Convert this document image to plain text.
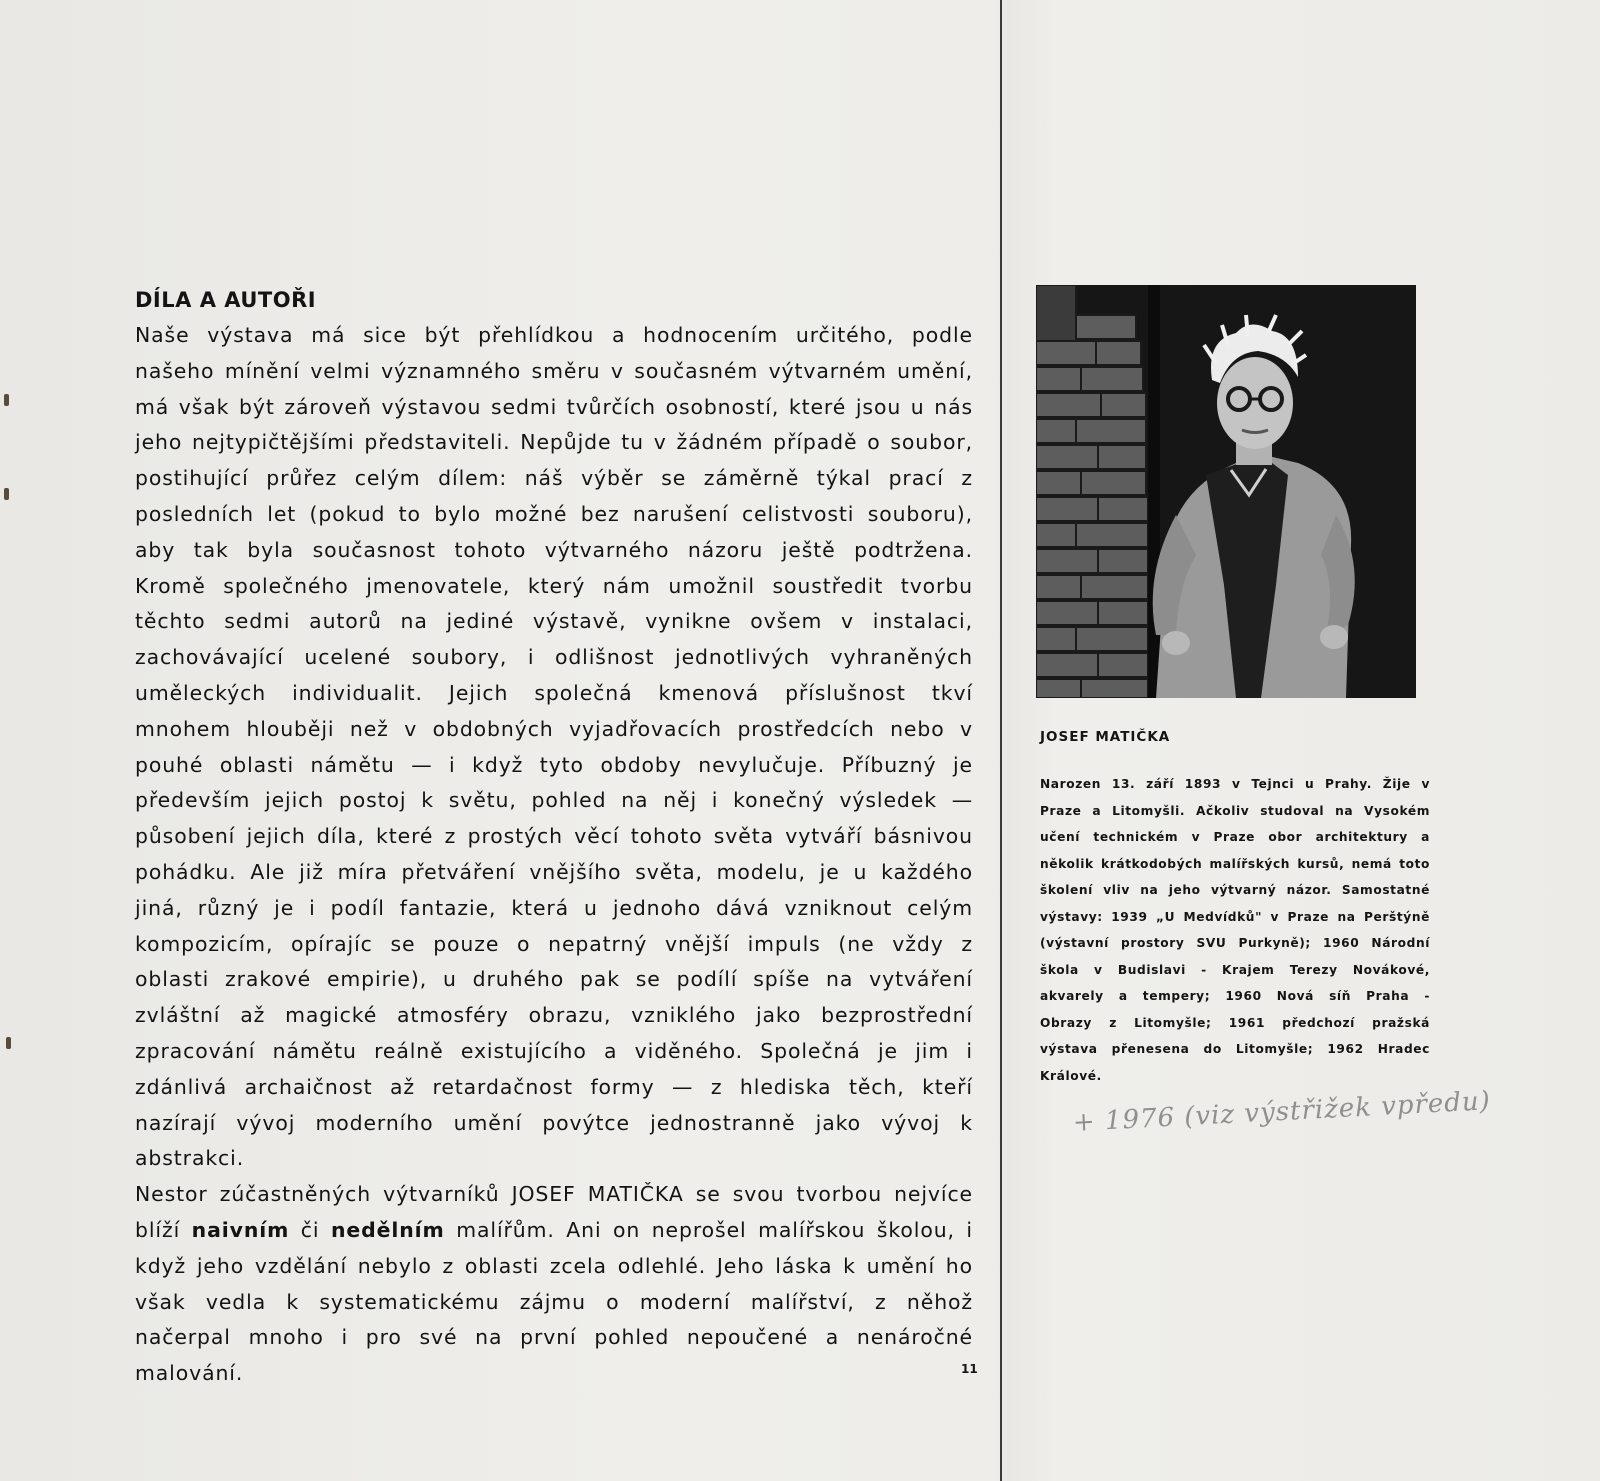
DÍLA A AUTOŘI

Naše výstava má sice být přehlídkou a hodnocením určitého, podle našeho mínění velmi významného směru v současném výtvarném umění, má však být zároveň výstavou sedmi tvůrčích osobností, které jsou u nás jeho nejtypičtějšími představiteli. Nepůjde tu v žádném případě o soubor, postihující průřez celým dílem: náš výběr se záměrně týkal prací z posledních let (pokud to bylo možné bez narušení celistvosti souboru), aby tak byla současnost tohoto výtvarného názoru ještě podtržena. Kromě společného jmenovatele, který nám umožnil soustředit tvorbu těchto sedmi autorů na jediné výstavě, vynikne ovšem v instalaci, zachovávající ucelené soubory, i odlišnost jednotlivých vyhraněných uměleckých individualit. Jejich společná kmenová příslušnost tkví mnohem hlouběji než v obdobných vyjadřovacích prostředcích nebo v pouhé oblasti námětu — i když tyto obdoby nevylučuje. Příbuzný je především jejich postoj k světu, pohled na něj i konečný výsledek — působení jejich díla, které z prostých věcí tohoto světa vytváří básnivou pohádku. Ale již míra přetváření vnějšího světa, modelu, je u každého jiná, různý je i podíl fantazie, která u jednoho dává vzniknout celým kompozicím, opírajíc se pouze o nepatrný vnější impuls (ne vždy z oblasti zrakové empirie), u druhého pak se podílí spíše na vytváření zvláštní až magické atmosféry obrazu, vzniklého jako bezprostřední zpracování námětu reálně existujícího a viděného. Společná je jim i zdánlivá archaičnost až retardačnost formy — z hlediska těch, kteří nazírají vývoj moderního umění povýtce jednostranně jako vývoj k abstrakci.

Nestor zúčastněných výtvarníků JOSEF MATIČKA se svou tvorbou nejvíce blíží naivním či nedělním malířům. Ani on neprošel malířskou školou, i když jeho vzdělání nebylo z oblasti zcela odlehlé. Jeho láska k umění ho však vedla k systematickému zájmu o moderní malířství, z něhož načerpal mnoho i pro své na první pohled nepoučené a nenáročné malování.	11
JOSEF MATIČKA
Narozen 13. září 1893 v Tejnci u Prahy. Žije v Praze a Litomyšli. Ačkoliv studoval na Vysokém učení technickém v Praze obor architektury a několik krátkodobých malířských kursů, nemá toto školení vliv na jeho výtvarný názor. Samostatné výstavy: 1939 „U Medvídků" v Praze na Perštýně (výstavní prostory SVU Purkyně); 1960 Národní škola v Budislavi - Krajem Terezy Novákové, akvarely a tempery; 1960 Nová síň Praha - Obrazy z Litomyšle; 1961 předchozí pražská výstava přenesena do Litomyšle; 1962 Hradec Králové.
+ 1976 (viz výstřižek vpředu)
